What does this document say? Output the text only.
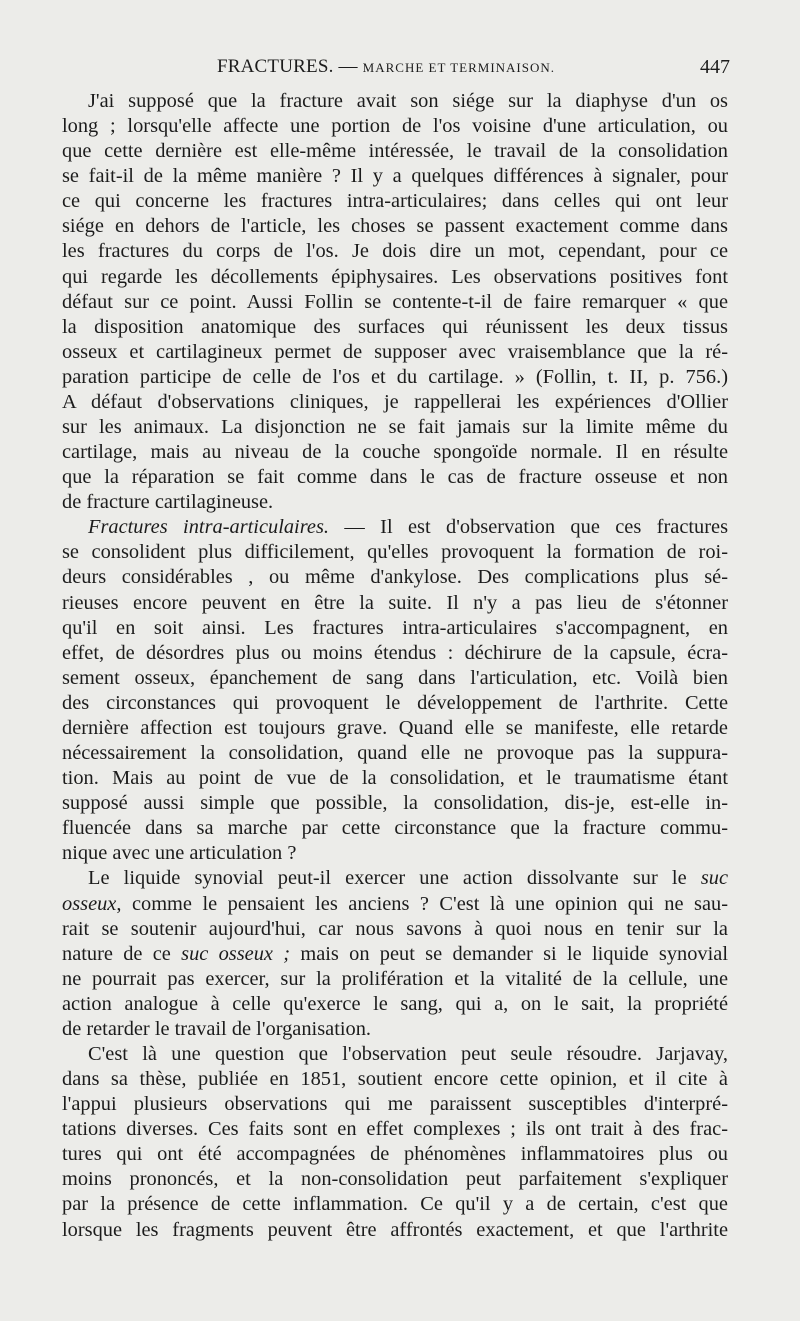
FRACTURES. — MARCHE ET TERMINAISON.	447
J'ai supposé que la fracture avait son siége sur la diaphyse d'un os
long ; lorsqu'elle affecte une portion de l'os voisine d'une articulation, ou
que cette dernière est elle-même intéressée, le travail de la consolidation
se fait-il de la même manière ? Il y a quelques différences à signaler, pour
ce qui concerne les fractures intra-articulaires; dans celles qui ont leur
siége en dehors de l'article, les choses se passent exactement comme dans
les fractures du corps de l'os. Je dois dire un mot, cependant, pour ce
qui regarde les décollements épiphysaires. Les observations positives font
défaut sur ce point. Aussi Follin se contente-t-il de faire remarquer « que
la disposition anatomique des surfaces qui réunissent les deux tissus
osseux et cartilagineux permet de supposer avec vraisemblance que la ré-
paration participe de celle de l'os et du cartilage. » (Follin, t. II, p. 756.)
A défaut d'observations cliniques, je rappellerai les expériences d'Ollier
sur les animaux. La disjonction ne se fait jamais sur la limite même du
cartilage, mais au niveau de la couche spongoïde normale. Il en résulte
que la réparation se fait comme dans le cas de fracture osseuse et non
de fracture cartilagineuse.
Fractures intra-articulaires. — Il est d'observation que ces fractures
se consolident plus difficilement, qu'elles provoquent la formation de roi-
deurs considérables , ou même d'ankylose. Des complications plus sé-
rieuses encore peuvent en être la suite. Il n'y a pas lieu de s'étonner
qu'il en soit ainsi. Les fractures intra-articulaires s'accompagnent, en
effet, de désordres plus ou moins étendus : déchirure de la capsule, écra-
sement osseux, épanchement de sang dans l'articulation, etc. Voilà bien
des circonstances qui provoquent le développement de l'arthrite. Cette
dernière affection est toujours grave. Quand elle se manifeste, elle retarde
nécessairement la consolidation, quand elle ne provoque pas la suppura-
tion. Mais au point de vue de la consolidation, et le traumatisme étant
supposé aussi simple que possible, la consolidation, dis-je, est-elle in-
fluencée dans sa marche par cette circonstance que la fracture commu-
nique avec une articulation ?
Le liquide synovial peut-il exercer une action dissolvante sur le suc
osseux, comme le pensaient les anciens ? C'est là une opinion qui ne sau-
rait se soutenir aujourd'hui, car nous savons à quoi nous en tenir sur la
nature de ce suc osseux ; mais on peut se demander si le liquide synovial
ne pourrait pas exercer, sur la prolifération et la vitalité de la cellule, une
action analogue à celle qu'exerce le sang, qui a, on le sait, la propriété
de retarder le travail de l'organisation.
C'est là une question que l'observation peut seule résoudre. Jarjavay,
dans sa thèse, publiée en 1851, soutient encore cette opinion, et il cite à
l'appui plusieurs observations qui me paraissent susceptibles d'interpré-
tations diverses. Ces faits sont en effet complexes ; ils ont trait à des frac-
tures qui ont été accompagnées de phénomènes inflammatoires plus ou
moins prononcés, et la non-consolidation peut parfaitement s'expliquer
par la présence de cette inflammation. Ce qu'il y a de certain, c'est que
lorsque les fragments peuvent être affrontés exactement, et que l'arthrite
